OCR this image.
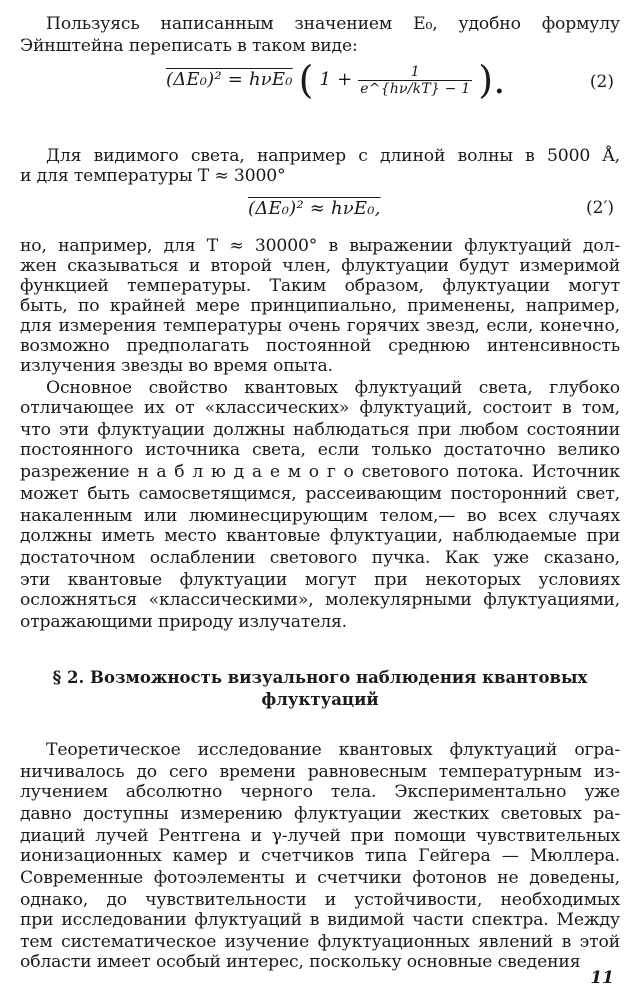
Пользуясь написанным значением E₀, удобно формулу
Эйнштейна переписать в таком виде:
(ΔE₀)² = hνE₀ ( $1 + \frac{1}{e\^{}\{h\nu/kT\} - 1}$ ).	(2)
Для видимого света, например с длиной волны в 5000 Å,
и для температуры T ≈ 3000°
(ΔE₀)² ≈ hνE₀,	(2′)
но, например, для T ≈ 30000° в выражении флуктуаций дол-
жен сказываться и второй член, флуктуации будут измеримой
функцией температуры. Таким образом, флуктуации могут
быть, по крайней мере принципиально, применены, например,
для измерения температуры очень горячих звезд, если, конечно,
возможно предполагать постоянной среднюю интенсивность
излучения звезды во время опыта.
Основное свойство квантовых флуктуаций света, глубоко
отличающее их от «классических» флуктуаций, состоит в том,
что эти флуктуации должны наблюдаться при любом состоянии
постоянного источника света, если только достаточно велико
разрежение н а б л ю д а е м о г о светового потока. Источник
может быть самосветящимся, рассеивающим посторонний свет,
накаленным или люминесцирующим телом,— во всех случаях
должны иметь место квантовые флуктуации, наблюдаемые при
достаточном ослаблении светового пучка. Как уже сказано,
эти квантовые флуктуации могут при некоторых условиях
осложняться «классическими», молекулярными флуктуациями,
отражающими природу излучателя.
§ 2. Возможность визуального наблюдения квантовых
флуктуаций
Теоретическое исследование квантовых флуктуаций огра-
ничивалось до сего времени равновесным температурным из-
лучением абсолютно черного тела. Экспериментально уже
давно доступны измерению флуктуации жестких световых ра-
диаций лучей Рентгена и γ-лучей при помощи чувствительных
ионизационных камер и счетчиков типа Гейгера — Мюллера.
Современные фотоэлементы и счетчики фотонов не доведены,
однако, до чувствительности и устойчивости, необходимых
при исследовании флуктуаций в видимой части спектра. Между
тем систематическое изучение флуктуационных явлений в этой
области имеет особый интерес, поскольку основные сведения
11
